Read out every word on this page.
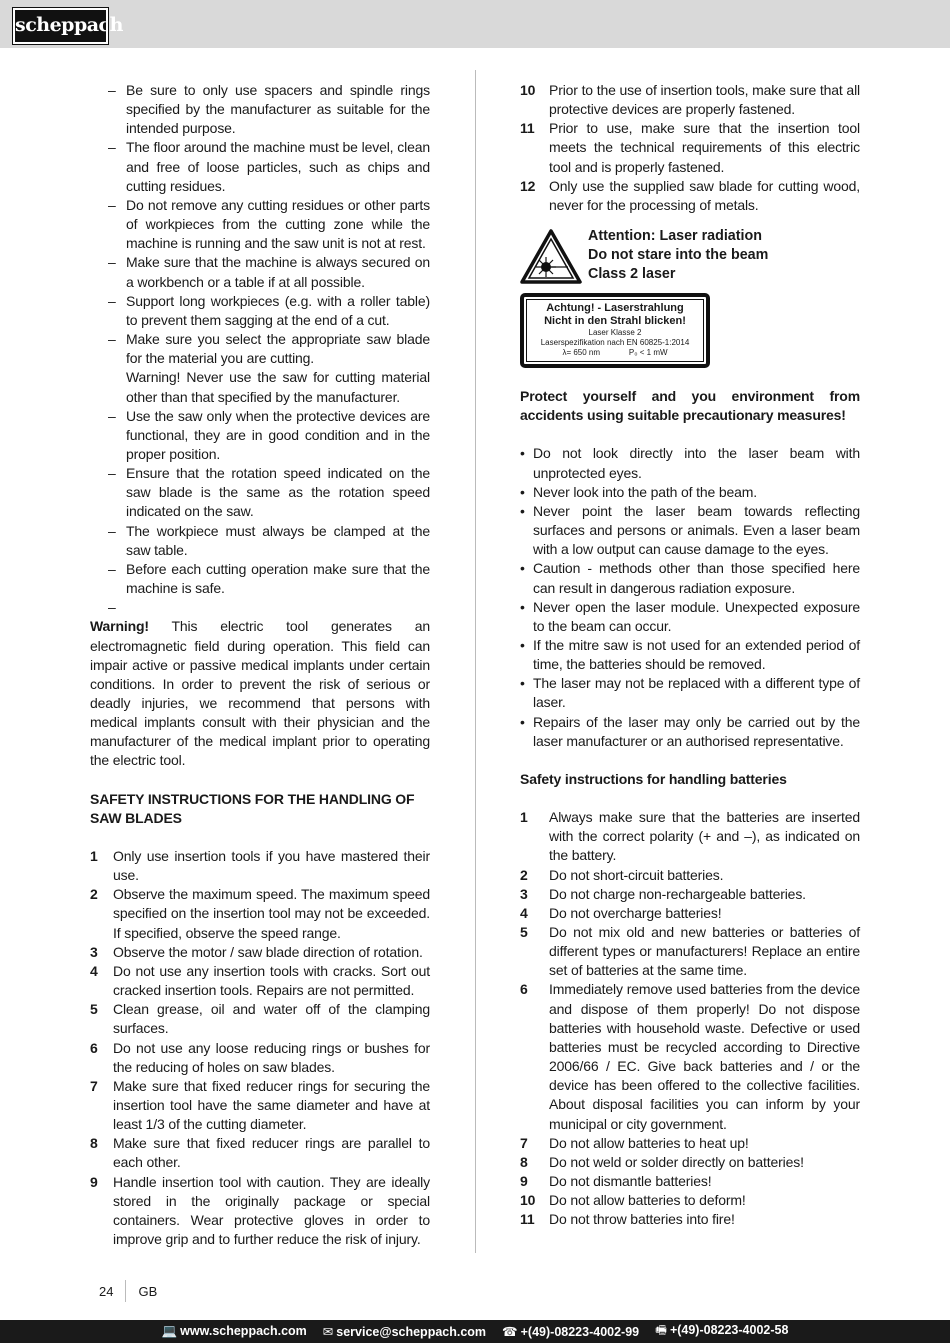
scheppach
– Be sure to only use spacers and spindle rings specified by the manufacturer as suitable for the intended purpose.
– The floor around the machine must be level, clean and free of loose particles, such as chips and cutting residues.
– Do not remove any cutting residues or other parts of workpieces from the cutting zone while the machine is running and the saw unit is not at rest.
– Make sure that the machine is always secured on a workbench or a table if at all possible.
– Support long workpieces (e.g. with a roller table) to prevent them sagging at the end of a cut.
– Make sure you select the appropriate saw blade for the material you are cutting.
Warning! Never use the saw for cutting material other than that specified by the manufacturer.
– Use the saw only when the protective devices are functional, they are in good condition and in the proper position.
– Ensure that the rotation speed indicated on the saw blade is the same as the rotation speed indicated on the saw.
– The workpiece must always be clamped at the saw table.
– Before each cutting operation make sure that the machine is safe.
–

Warning! This electric tool generates an electromagnetic field during operation. This field can impair active or passive medical implants under certain conditions. In order to prevent the risk of serious or deadly injuries, we recommend that persons with medical implants consult with their physician and the manufacturer of the medical implant prior to operating the electric tool.

SAFETY INSTRUCTIONS FOR THE HANDLING OF SAW BLADES

1 Only use insertion tools if you have mastered their use.
2 Observe the maximum speed. The maximum speed specified on the insertion tool may not be exceeded. If specified, observe the speed range.
3 Observe the motor / saw blade direction of rotation.
4 Do not use any insertion tools with cracks. Sort out cracked insertion tools. Repairs are not permitted.
5 Clean grease, oil and water off of the clamping surfaces.
6 Do not use any loose reducing rings or bushes for the reducing of holes on saw blades.
7 Make sure that fixed reducer rings for securing the insertion tool have the same diameter and have at least 1/3 of the cutting diameter.
8 Make sure that fixed reducer rings are parallel to each other.
9 Handle insertion tool with caution. They are ideally stored in the originally package or special containers. Wear protective gloves in order to improve grip and to further reduce the risk of injury.
10 Prior to the use of insertion tools, make sure that all protective devices are properly fastened.
11 Prior to use, make sure that the insertion tool meets the technical requirements of this electric tool and is properly fastened.
12 Only use the supplied saw blade for cutting wood, never for the processing of metals.
Attention: Laser radiation
Do not stare into the beam
Class 2 laser
Achtung! - Laserstrahlung
Nicht in den Strahl blicken!
Laser Klasse 2
Laserspezifikation nach EN 60825-1:2014
λ= 650 nm	P₀ < 1 mW

Protect yourself and you environment from accidents using suitable precautionary measures!

• Do not look directly into the laser beam with unprotected eyes.
• Never look into the path of the beam.
• Never point the laser beam towards reflecting surfaces and persons or animals. Even a laser beam with a low output can cause damage to the eyes.
• Caution - methods other than those specified here can result in dangerous radiation exposure.
• Never open the laser module. Unexpected exposure to the beam can occur.
• If the mitre saw is not used for an extended period of time, the batteries should be removed.
• The laser may not be replaced with a different type of laser.
• Repairs of the laser may only be carried out by the laser manufacturer or an authorised representative.

Safety instructions for handling batteries

1 Always make sure that the batteries are inserted with the correct polarity (+ and –), as indicated on the battery.
2 Do not short-circuit batteries.
3 Do not charge non-rechargeable batteries.
4 Do not overcharge batteries!
5 Do not mix old and new batteries or batteries of different types or manufacturers! Replace an entire set of batteries at the same time.
6 Immediately remove used batteries from the device and dispose of them properly! Do not dispose batteries with household waste. Defective or used batteries must be recycled according to Directive 2006/66 / EC. Give back batteries and / or the device has been offered to the collective facilities. About disposal facilities you can inform by your municipal or city government.
7 Do not allow batteries to heat up!
8 Do not weld or solder directly on batteries!
9 Do not dismantle batteries!
10 Do not allow batteries to deform!
11 Do not throw batteries into fire!
24 GB
💻 www.scheppach.com ✉ service@scheppach.com ☎ +(49)-08223-4002-99 🖷 +(49)-08223-4002-58
